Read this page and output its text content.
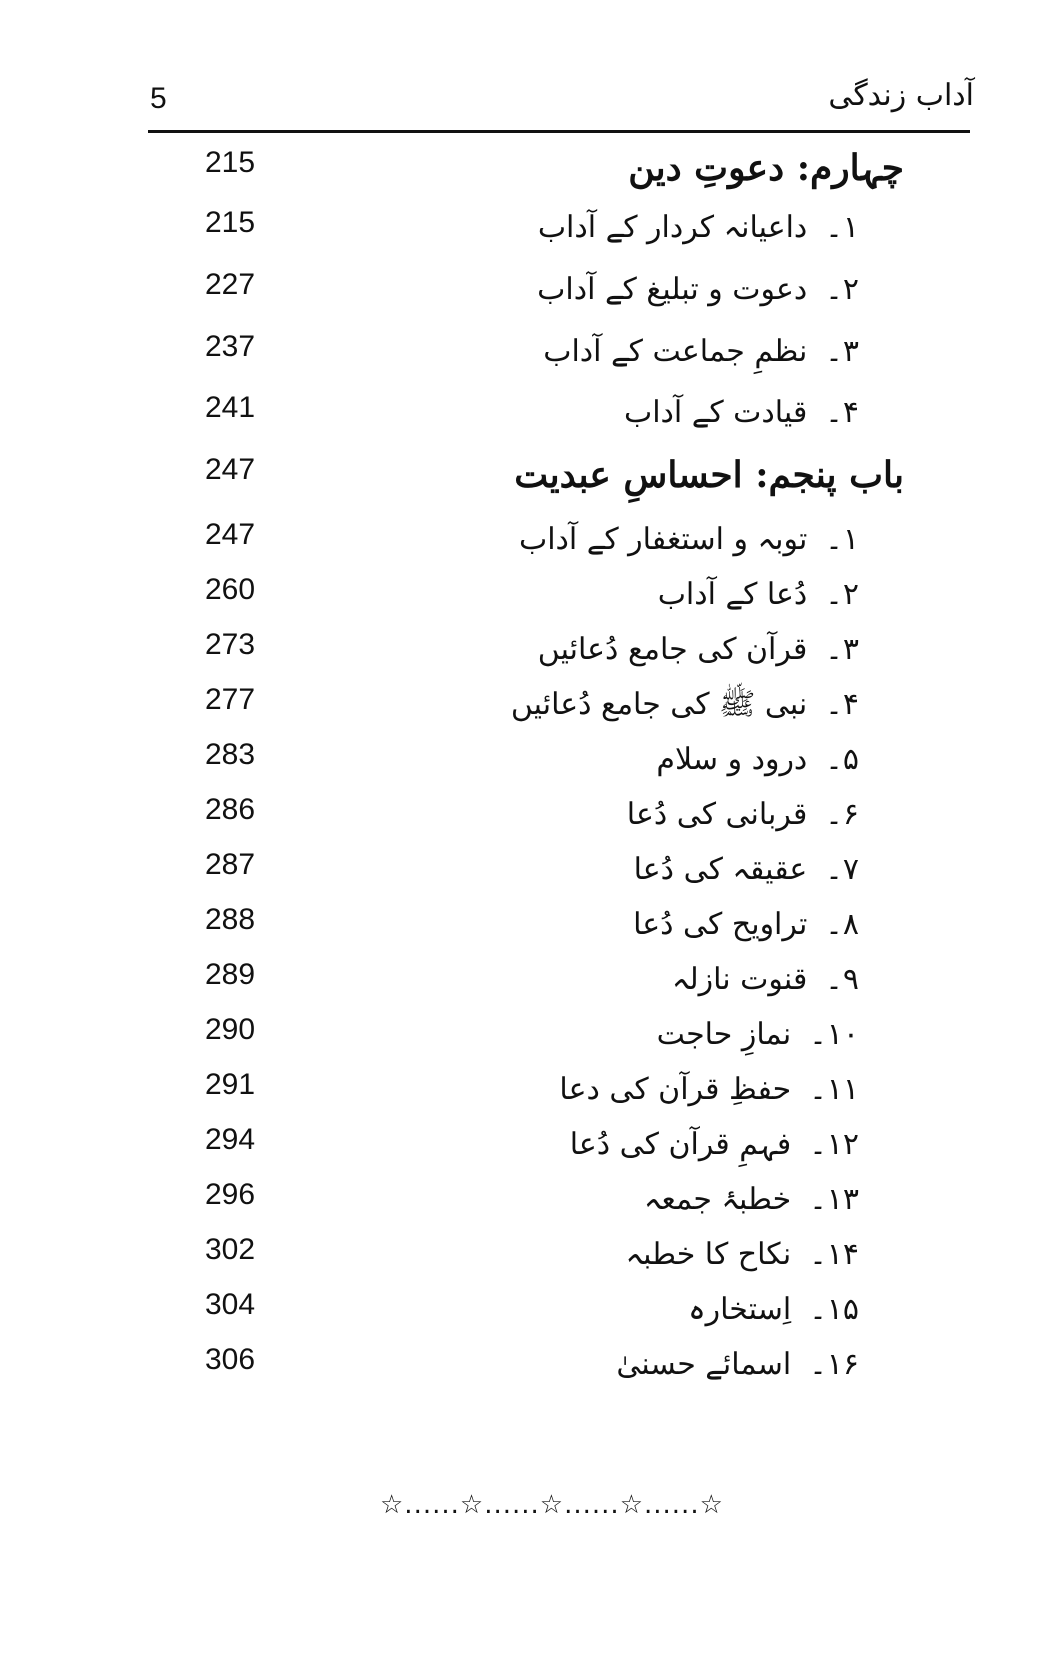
5	آداب زندگی
215	چہارم: دعوتِ دین
215	۱۔داعیانہ کردار کے آداب
227	۲۔دعوت و تبلیغ کے آداب
237	۳۔نظمِ جماعت کے آداب
241	۴۔قیادت کے آداب
247	باب پنجم: احساسِ عبدیت
247	۱۔توبہ و استغفار کے آداب
260	۲۔دُعا کے آداب
273	۳۔قرآن کی جامع دُعائیں
277	۴۔نبی ﷺ کی جامع دُعائیں
283	۵۔درود و سلام
286	۶۔قربانی کی دُعا
287	۷۔عقیقہ کی دُعا
288	۸۔تراویح کی دُعا
289	۹۔قنوت نازلہ
290	۱۰۔نمازِ حاجت
291	۱۱۔حفظِ قرآن کی دعا
294	۱۲۔فہمِ قرآن کی دُعا
296	۱۳۔خطبۂ جمعہ
302	۱۴۔نکاح کا خطبہ
304	۱۵۔اِستخارہ
306	۱۶۔اسمائے حسنیٰ
☆......☆......☆......☆......☆
